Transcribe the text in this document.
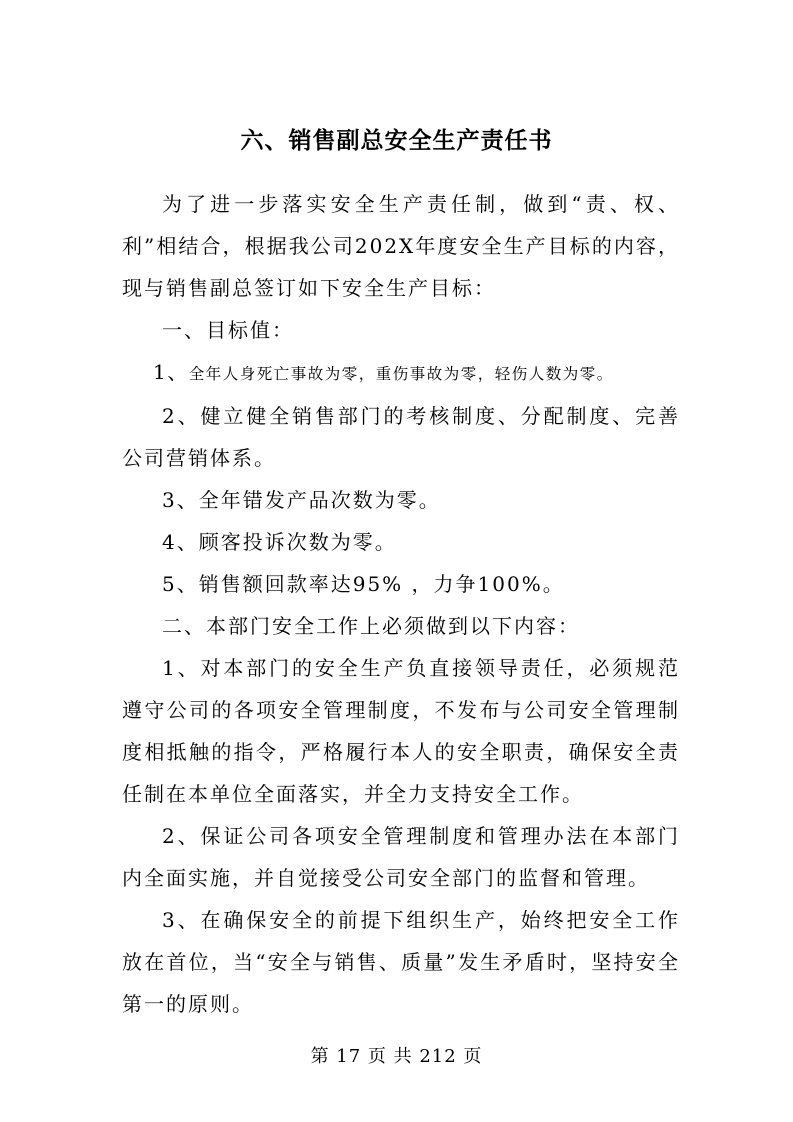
六、销售副总安全生产责任书

为了进一步落实安全生产责任制，做到“责、权、利”相结合，根据我公司202X年度安全生产目标的内容，现与销售副总签订如下安全生产目标：

一、目标值：

1、全年人身死亡事故为零，重伤事故为零，轻伤人数为零。

2、健立健全销售部门的考核制度、分配制度、完善公司营销体系。

3、全年错发产品次数为零。

4、顾客投诉次数为零。

5、销售额回款率达95% ，力争100%。

二、本部门安全工作上必须做到以下内容：

1、对本部门的安全生产负直接领导责任，必须规范遵守公司的各项安全管理制度，不发布与公司安全管理制度相抵触的指令，严格履行本人的安全职责，确保安全责任制在本单位全面落实，并全力支持安全工作。

2、保证公司各项安全管理制度和管理办法在本部门内全面实施，并自觉接受公司安全部门的监督和管理。

3、在确保安全的前提下组织生产，始终把安全工作放在首位，当“安全与销售、质量”发生矛盾时，坚持安全第一的原则。

第 17 页 共 212 页
